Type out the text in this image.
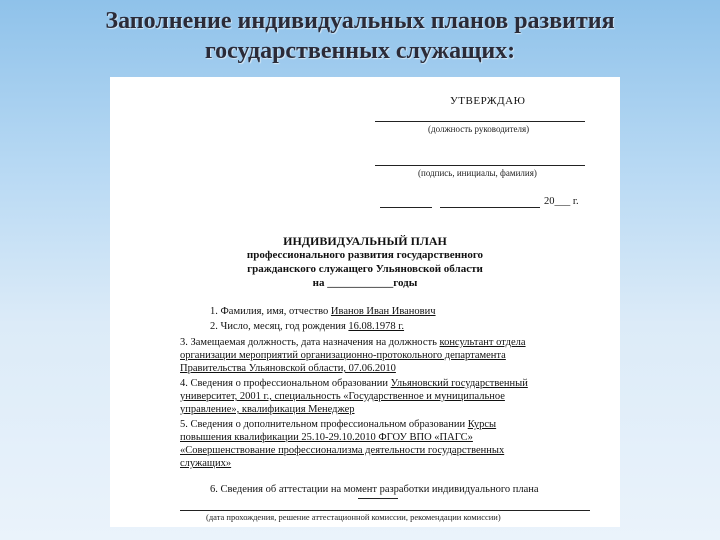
Заполнение индивидуальных планов развития
государственных служащих:
УТВЕРЖДАЮ
(должность руководителя)
(подпись, инициалы, фамилия)
20___ г.
ИНДИВИДУАЛЬНЫЙ ПЛАН
профессионального развития государственного
гражданского служащего Ульяновской области
на ____________годы
1. Фамилия, имя, отчество Иванов Иван Иванович
2. Число, месяц, год рождения 16.08.1978 г.
3. Замещаемая должность, дата назначения на должность консультант отдела
организации мероприятий организационно-протокольного департамента
Правительства Ульяновской области, 07.06.2010
4. Сведения о профессиональном образовании Ульяновский государственный
университет, 2001 г., специальность «Государственное и муниципальное
управление», квалификация Менеджер
5. Сведения о дополнительном профессиональном образовании Курсы
повышения квалификации 25.10-29.10.2010 ФГОУ ВПО «ПАГС»
«Совершенствование профессионализма деятельности государственных
служащих»
6. Сведения об аттестации на момент разработки индивидуального плана
(дата прохождения, решение аттестационной комиссии, рекомендации комиссии)
